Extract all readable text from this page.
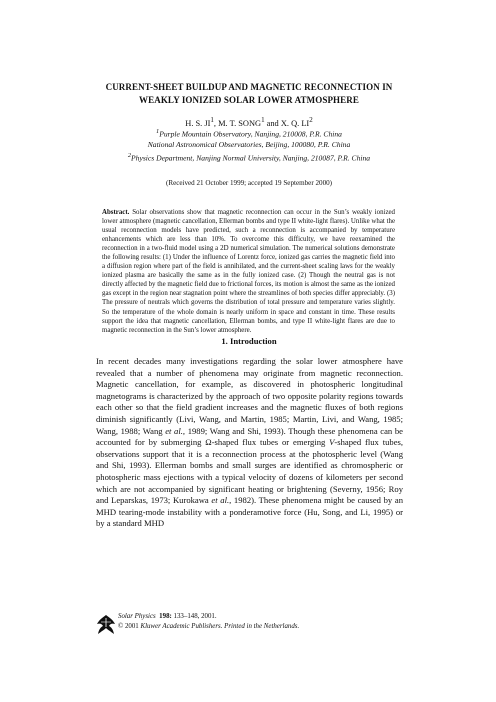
CURRENT-SHEET BUILDUP AND MAGNETIC RECONNECTION IN
WEAKLY IONIZED SOLAR LOWER ATMOSPHERE
H. S. $JI^1$, M. T. SONG$^1$ and X. Q. $LI^2$
$^1$Purple Mountain Observatory, Nanjing, 210008, P.R. China
National Astronomical Observatories, Beijing, 100080, P.R. China
$^2$Physics Department, Nanjing Normal University, Nanjing, 210087, P.R. China
(Received 21 October 1999; accepted 19 September 2000)
Abstract. Solar observations show that magnetic reconnection can occur in the Sun’s weakly ionized lower atmosphere (magnetic cancellation, Ellerman bombs and type II white-light flares). Unlike what the usual reconnection models have predicted, such a reconnection is accompanied by temperature enhancements which are less than 10%. To overcome this difficulty, we have reexamined the reconnection in a two-fluid model using a 2D numerical simulation. The numerical solutions demonstrate the following results: (1) Under the influence of Lorentz force, ionized gas carries the magnetic field into a diffusion region where part of the field is annihilated, and the current-sheet scaling laws for the weakly ionized plasma are basically the same as in the fully ionized case. (2) Though the neutral gas is not directly affected by the magnetic field due to frictional forces, its motion is almost the same as the ionized gas except in the region near stagnation point where the streamlines of both species differ appreciably. (3) The pressure of neutrals which governs the distribution of total pressure and temperature varies slightly. So the temperature of the whole domain is nearly uniform in space and constant in time. These results support the idea that magnetic cancellation, Ellerman bombs, and type II white-light flares are due to magnetic reconnection in the Sun’s lower atmosphere.
1. Introduction
In recent decades many investigations regarding the solar lower atmosphere have revealed that a number of phenomena may originate from magnetic reconnection. Magnetic cancellation, for example, as discovered in photospheric longitudinal magnetograms is characterized by the approach of two opposite polarity regions towards each other so that the field gradient increases and the magnetic fluxes of both regions diminish significantly (Livi, Wang, and Martin, 1985; Martin, Livi, and Wang, 1985; Wang, 1988; Wang et al., 1989; Wang and Shi, 1993). Though these phenomena can be accounted for by submerging Ω-shaped flux tubes or emerging V-shaped flux tubes, observations support that it is a reconnection process at the photospheric level (Wang and Shi, 1993). Ellerman bombs and small surges are identified as chromospheric or photospheric mass ejections with a typical velocity of dozens of kilometers per second which are not accompanied by significant heating or brightening (Severny, 1956; Roy and Leparskas, 1973; Kurokawa et al., 1982). These phenomena might be caused by an MHD tearing-mode instability with a ponderamotive force (Hu, Song, and Li, 1995) or by a standard MHD
Solar Physics 198: 133–148, 2001.
© 2001 Kluwer Academic Publishers. Printed in the Netherlands.
